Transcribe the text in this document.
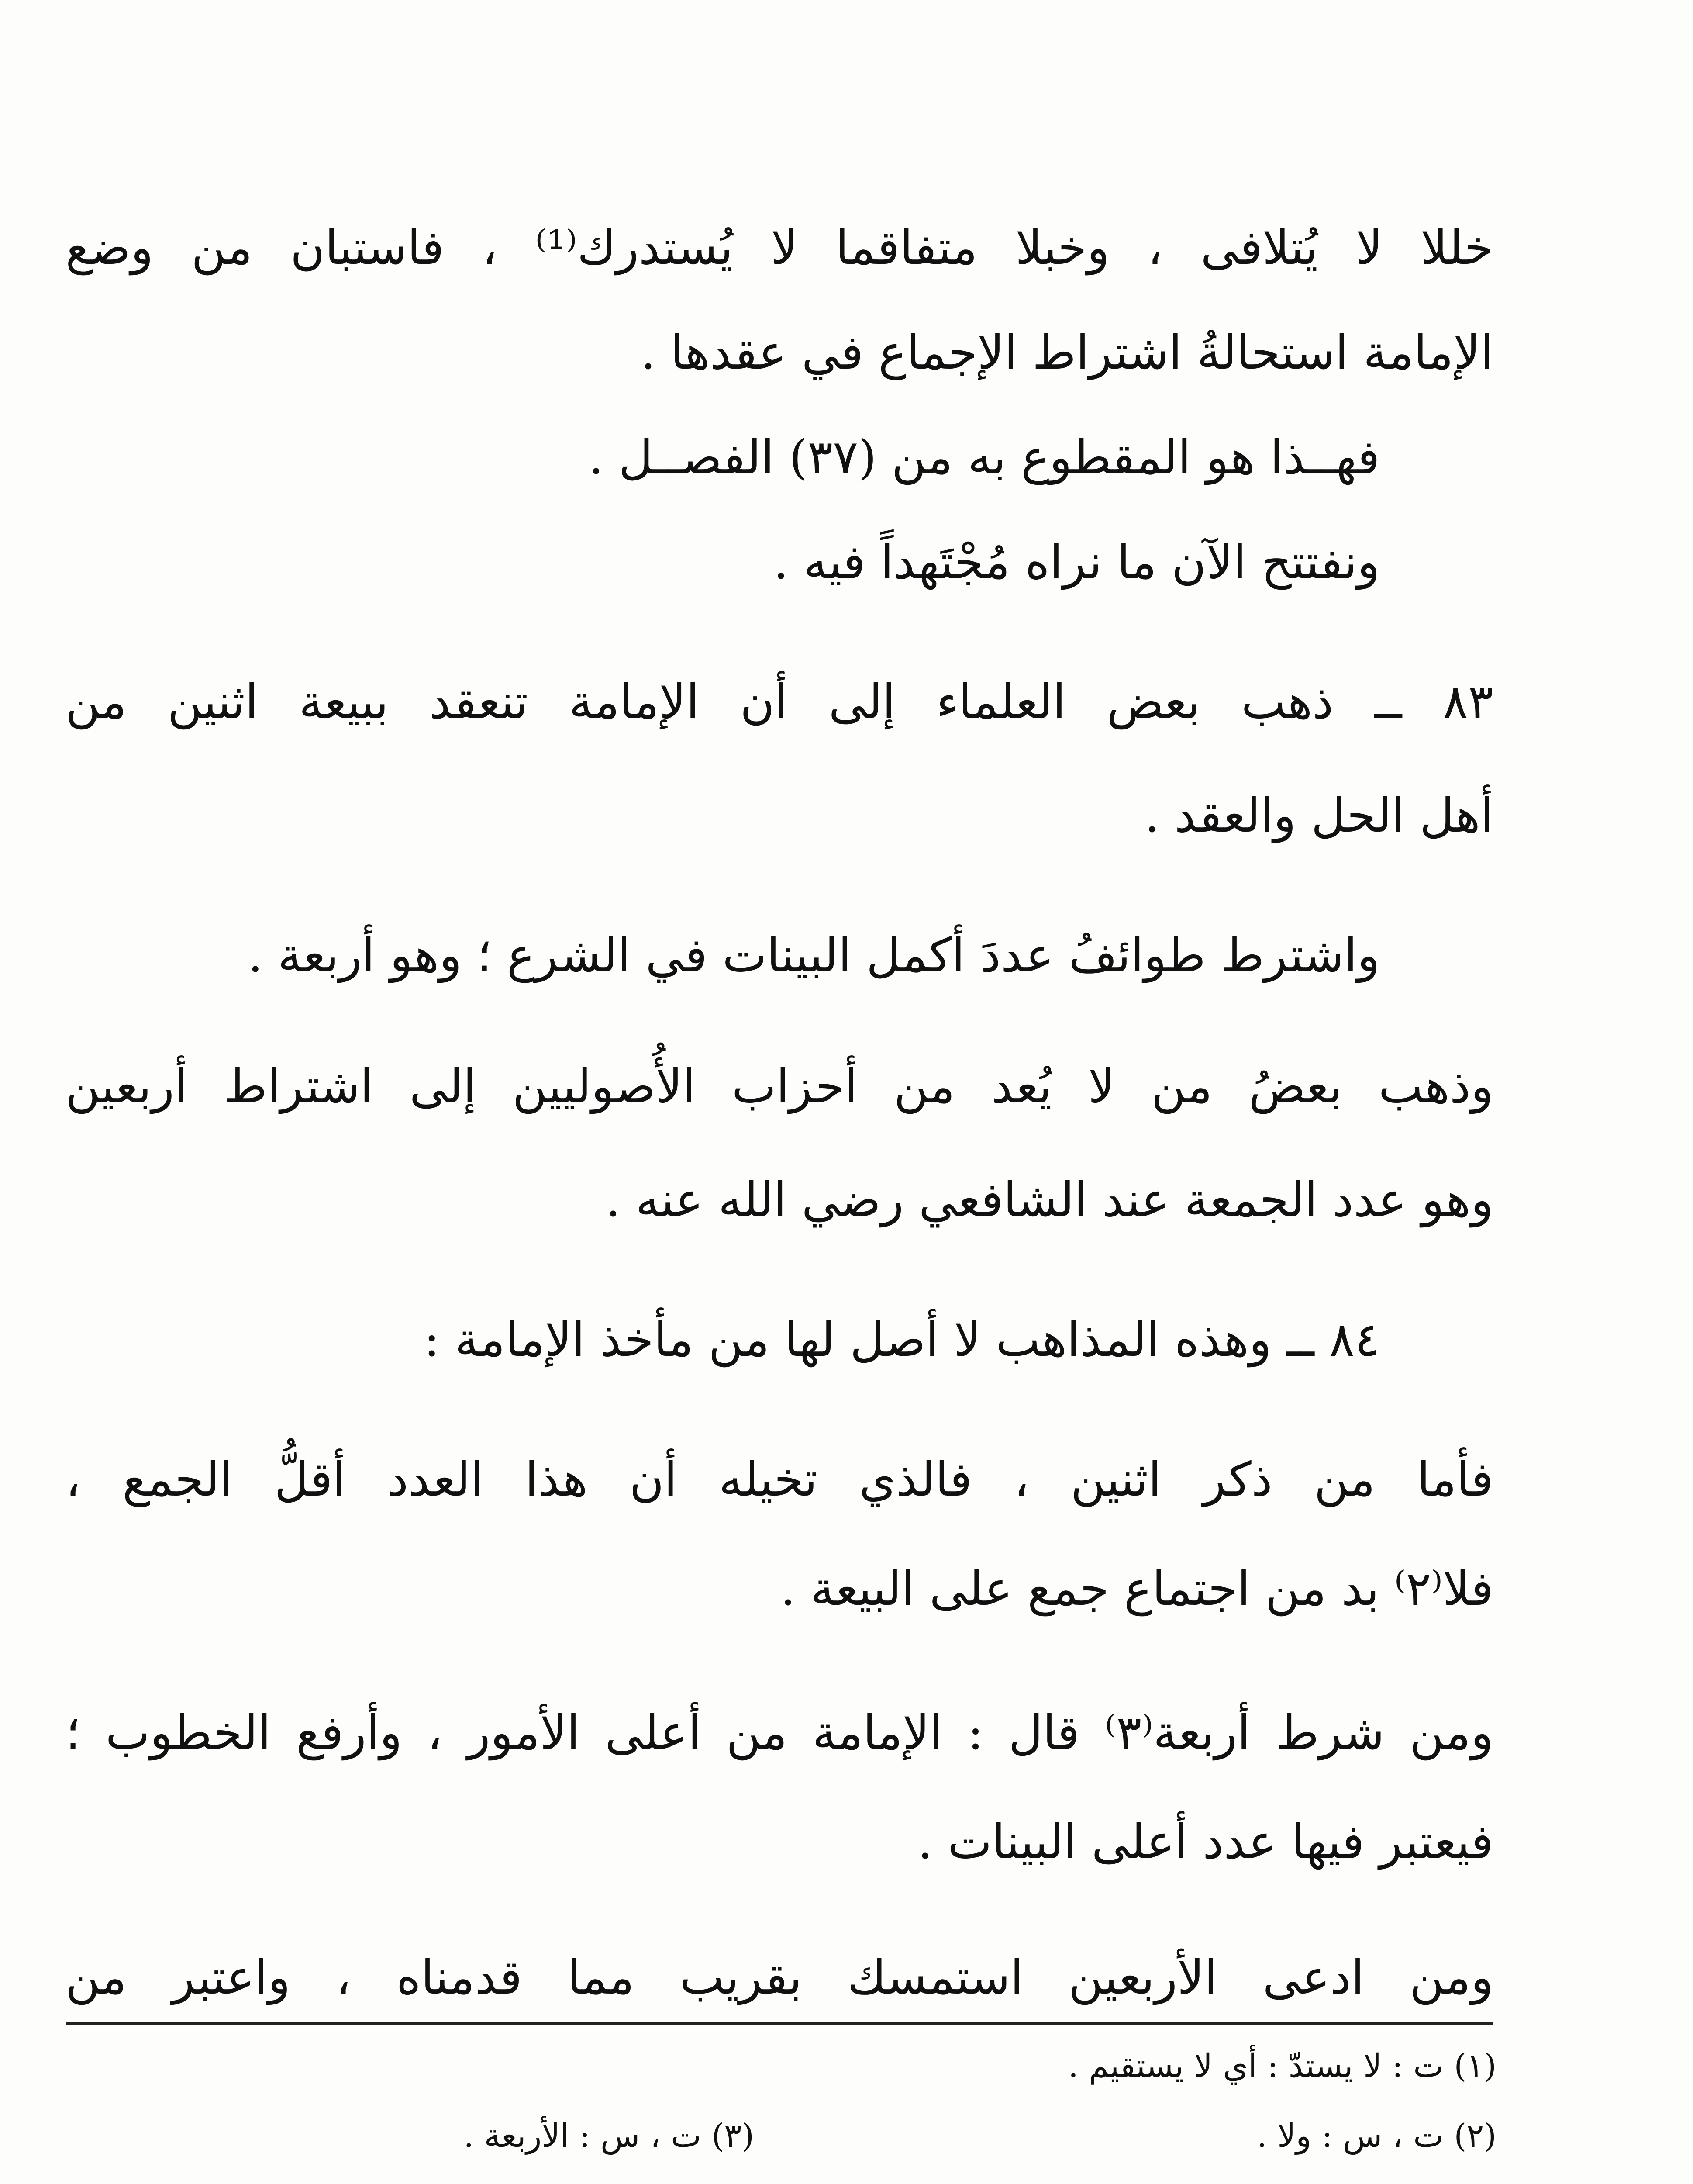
خللا لا يُتلافى ، وخبلا متفاقما لا يُستدرك⁽¹⁾ ، فاستبان من وضع
الإمامة استحالةُ اشتراط الإجماع في عقدها .
فهــذا هو المقطوع به من (٣٧) الفصــل .
ونفتتح الآن ما نراه مُجْتَهداً فيه .
٨٣ ــ ذهب بعض العلماء إلى أن الإمامة تنعقد ببيعة اثنين من
أهل الحل والعقد .
واشترط طوائفُ عددَ أكمل البينات في الشرع ؛ وهو أربعة .
وذهب بعضُ من لا يُعد من أحزاب الأُصوليين إلى اشتراط أربعين
وهو عدد الجمعة عند الشافعي رضي الله عنه .
٨٤ ــ وهذه المذاهب لا أصل لها من مأخذ الإمامة :
فأما من ذكر اثنين ، فالذي تخيله أن هذا العدد أقلُّ الجمع ،
فلا⁽٢⁾ بد من اجتماع جمع على البيعة .
ومن شرط أربعة⁽٣⁾ قال : الإمامة من أعلى الأمور ، وأرفع الخطوب ؛
فيعتبر فيها عدد أعلى البينات .
ومن ادعى الأربعين استمسك بقريب مما قدمناه ، واعتبر من
(١) ت : لا يستدّ : أي لا يستقيم .
(٢) ت ، س : ولا .
(٣) ت ، س : الأربعة .
